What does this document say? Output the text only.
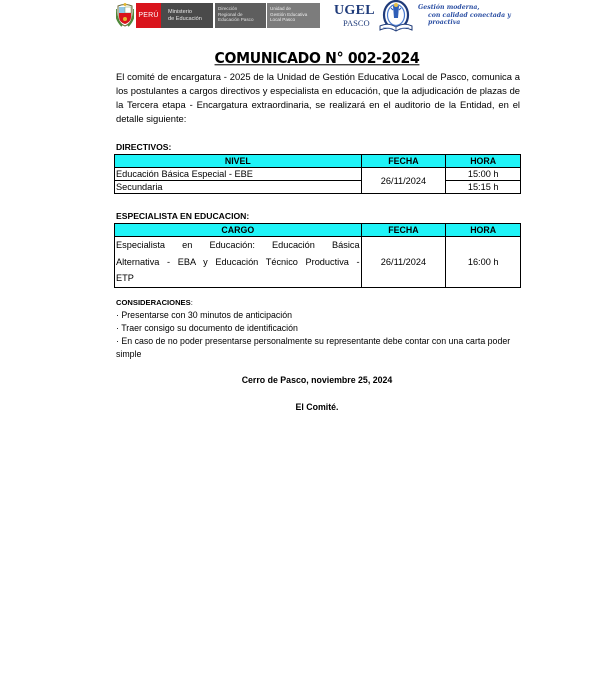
PERÚ	Ministerio
de Educación
Dirección
Regional de
Educación Pasco
Unidad de
Gestión Educativa
Local Pasco
UGEL
PASCO
Gestión moderna,
con calidad conectada y proactiva
COMUNICADO N° 002-2024

El comité de encargatura - 2025 de la Unidad de Gestión Educativa Local de Pasco, comunica a los postulantes a cargos directivos y especialista en educación, que la adjudicación de plazas de la Tercera etapa - Encargatura extraordinaria, se realizará en el auditorio de la Entidad, en el detalle siguiente:

DIRECTIVOS:
NIVEL	FECHA	HORA
Educación Básica Especial - EBE	26/11/2024	15:00 h
Secundaria		15:15 h
ESPECIALISTA EN EDUCACION:
CARGO	FECHA	HORA

Especialista en Educación: Educación Básica
Alternativa - EBA y Educación Técnico Productiva -
ETP	26/11/2024	16:00 h
CONSIDERACIONES:
· Presentarse con 30 minutos de anticipación
· Traer consigo su documento de identificación
· En caso de no poder presentarse personalmente su representante debe contar con una carta poder simple
Cerro de Pasco, noviembre 25, 2024
El Comité.
